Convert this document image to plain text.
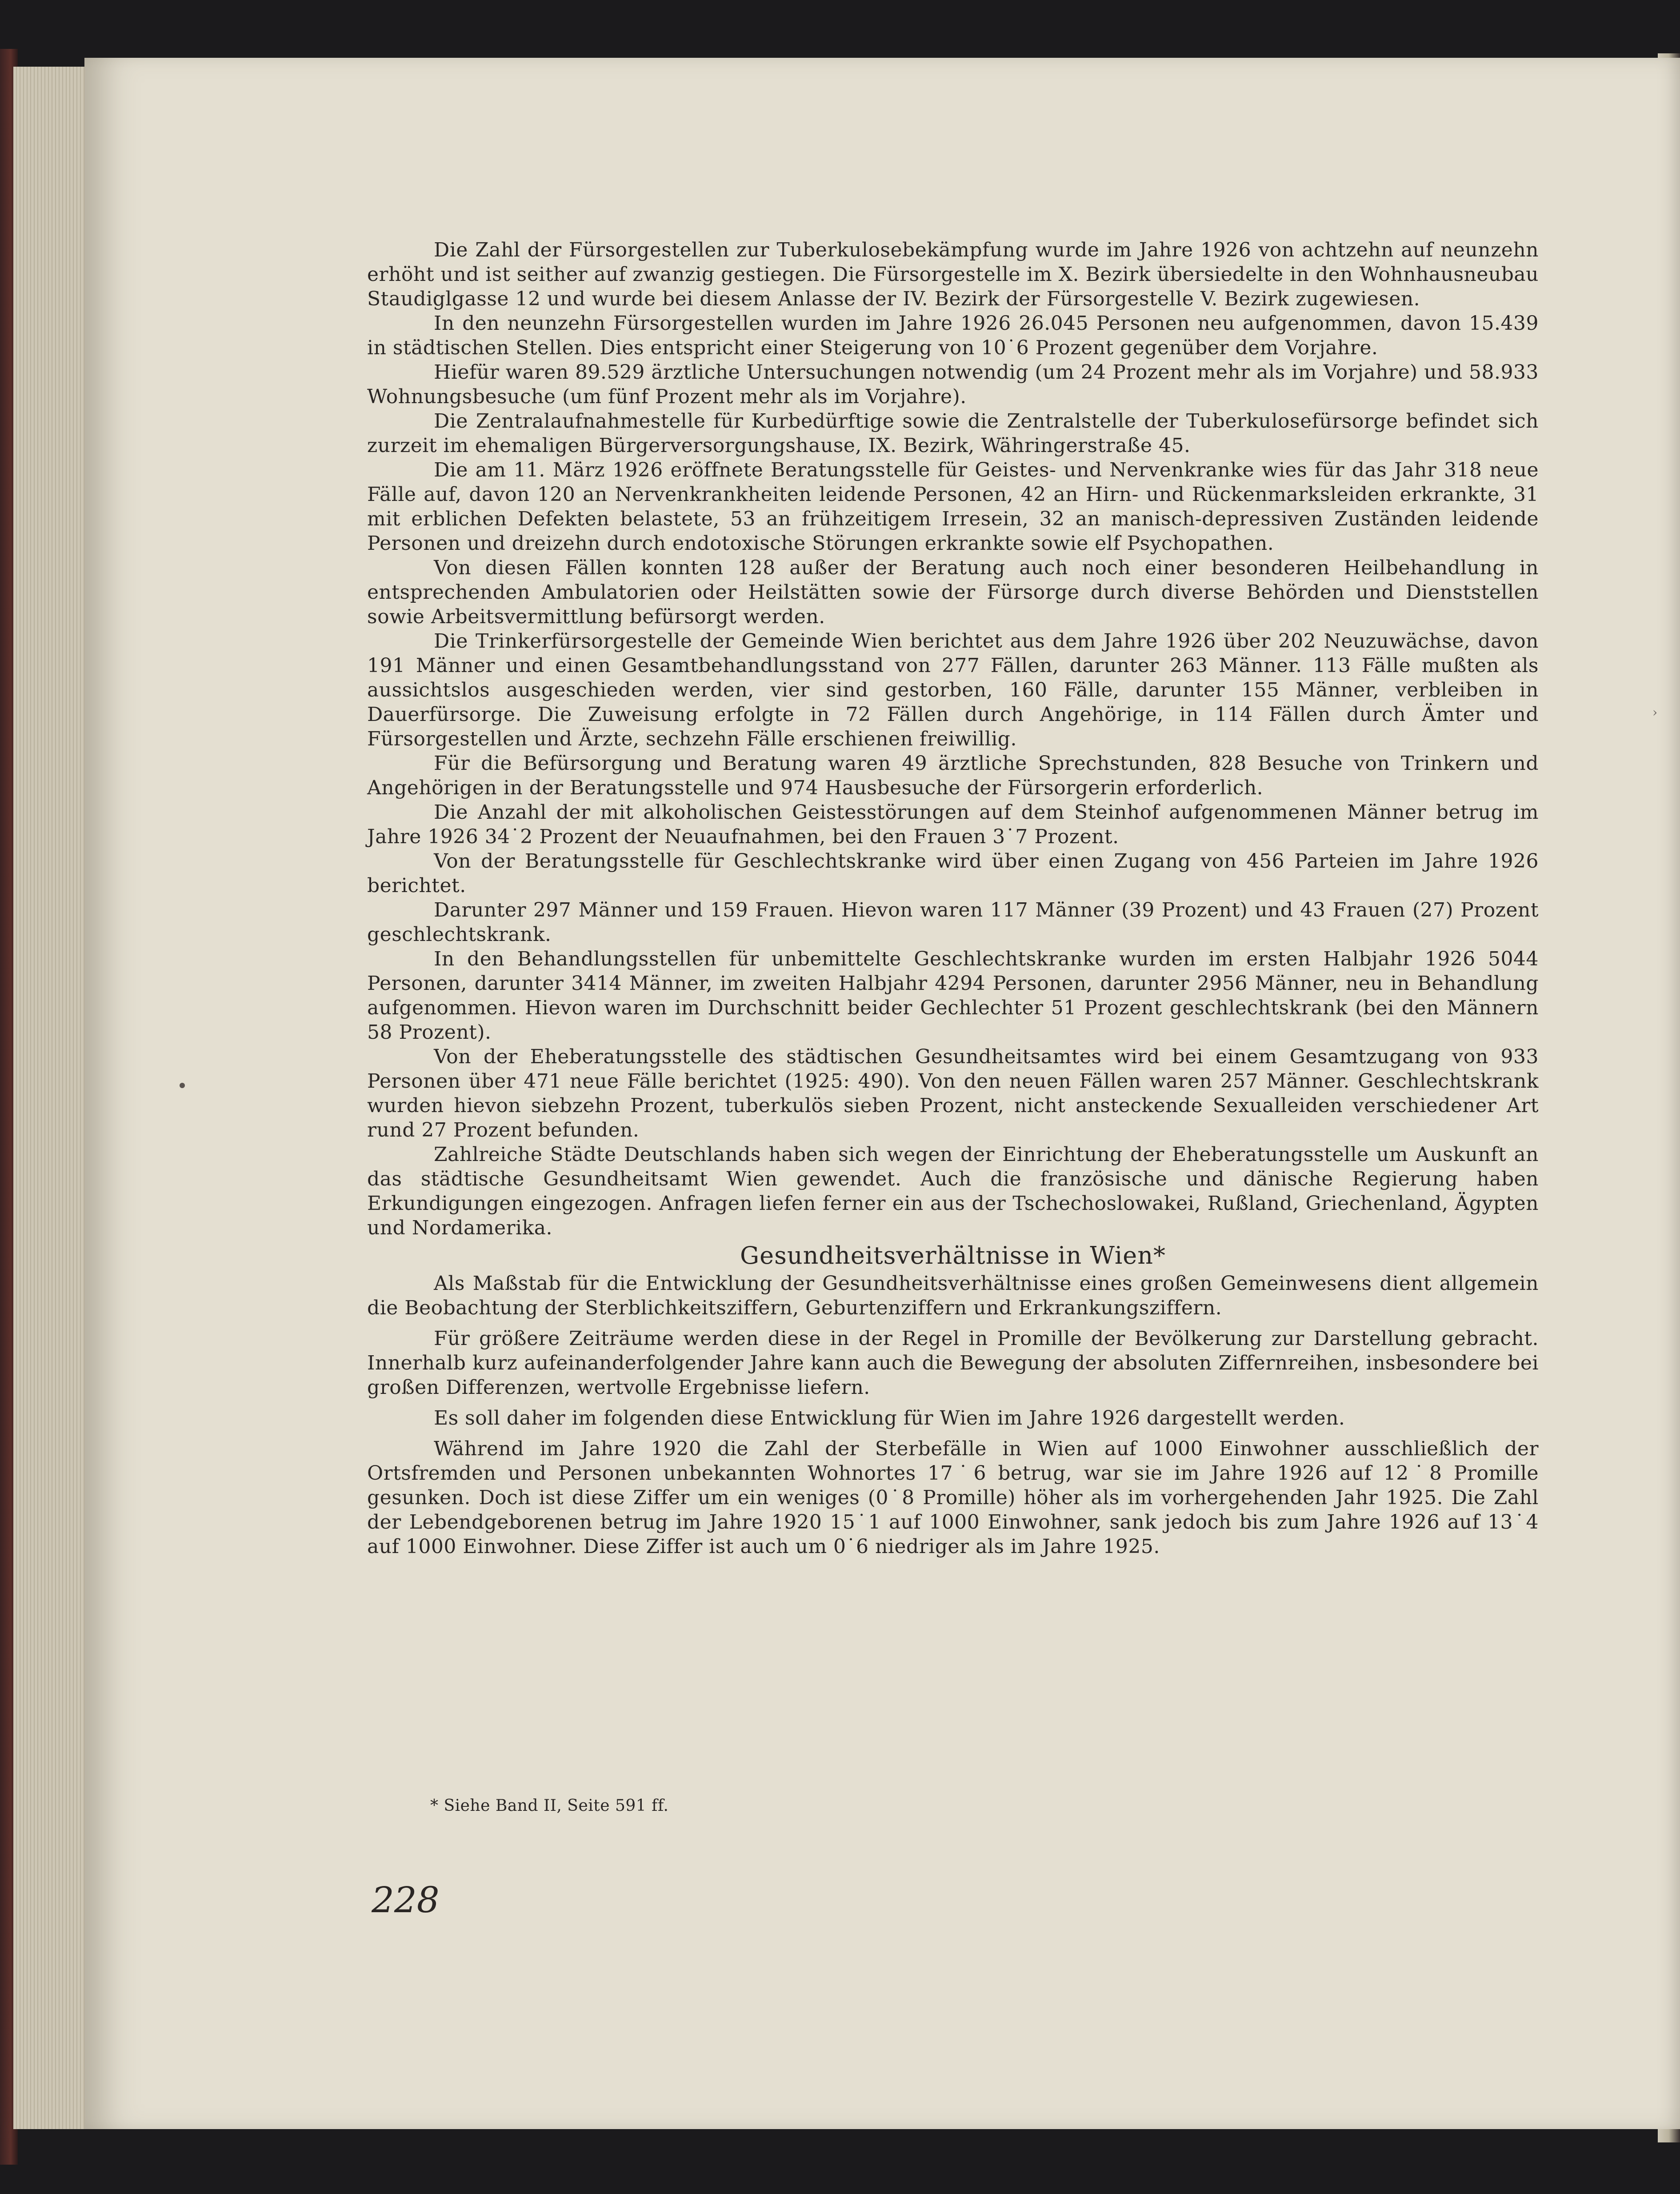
›

Die Zahl der Fürsorgestellen zur Tuberkulosebekämpfung wurde im Jahre 1926 von achtzehn auf neunzehn erhöht und ist seither auf zwanzig gestiegen. Die Fürsorgestelle im X. Bezirk übersiedelte in den Wohnhausneubau Staudiglgasse 12 und wurde bei diesem Anlasse der IV. Bezirk der Fürsorgestelle V. Bezirk zugewiesen.

In den neunzehn Fürsorgestellen wurden im Jahre 1926 26.045 Personen neu aufgenommen, davon 15.439 in städtischen Stellen. Dies entspricht einer Steigerung von 10˙6 Prozent gegenüber dem Vorjahre.

Hiefür waren 89.529 ärztliche Untersuchungen notwendig (um 24 Prozent mehr als im Vorjahre) und 58.933 Wohnungsbesuche (um fünf Prozent mehr als im Vorjahre).

Die Zentralaufnahmestelle für Kurbedürftige sowie die Zentralstelle der Tuberkulosefürsorge befindet sich zurzeit im ehemaligen Bürgerversorgungshause, IX. Bezirk, Währingerstraße 45.

Die am 11. März 1926 eröffnete Beratungsstelle für Geistes- und Nervenkranke wies für das Jahr 318 neue Fälle auf, davon 120 an Nervenkrankheiten leidende Personen, 42 an Hirn- und Rückenmarksleiden erkrankte, 31 mit erblichen Defekten belastete, 53 an frühzeitigem Irresein, 32 an manisch-depressiven Zuständen leidende Personen und dreizehn durch endotoxische Störungen erkrankte sowie elf Psychopathen.

Von diesen Fällen konnten 128 außer der Beratung auch noch einer besonderen Heilbehandlung in entsprechenden Ambulatorien oder Heilstätten sowie der Fürsorge durch diverse Behörden und Dienststellen sowie Arbeitsvermittlung befürsorgt werden.

Die Trinkerfürsorgestelle der Gemeinde Wien berichtet aus dem Jahre 1926 über 202 Neuzuwächse, davon 191 Männer und einen Gesamtbehandlungsstand von 277 Fällen, darunter 263 Männer. 113 Fälle mußten als aussichtslos ausgeschieden werden, vier sind gestorben, 160 Fälle, darunter 155 Männer, verbleiben in Dauerfürsorge. Die Zuweisung erfolgte in 72 Fällen durch Angehörige, in 114 Fällen durch Ämter und Fürsorgestellen und Ärzte, sechzehn Fälle erschienen freiwillig.

Für die Befürsorgung und Beratung waren 49 ärztliche Sprechstunden, 828 Besuche von Trinkern und Angehörigen in der Beratungsstelle und 974 Hausbesuche der Fürsorgerin erforderlich.

Die Anzahl der mit alkoholischen Geistesstörungen auf dem Steinhof aufgenommenen Männer betrug im Jahre 1926 34˙2 Prozent der Neuaufnahmen, bei den Frauen 3˙7 Prozent.

Von der Beratungsstelle für Geschlechtskranke wird über einen Zugang von 456 Parteien im Jahre 1926 berichtet.

Darunter 297 Männer und 159 Frauen. Hievon waren 117 Männer (39 Prozent) und 43 Frauen (27) Prozent geschlechtskrank.

In den Behandlungsstellen für unbemittelte Geschlechtskranke wurden im ersten Halbjahr 1926 5044 Personen, darunter 3414 Männer, im zweiten Halbjahr 4294 Personen, darunter 2956 Männer, neu in Behandlung aufgenommen. Hievon waren im Durchschnitt beider Gechlechter 51 Prozent geschlechtskrank (bei den Männern 58 Prozent).

Von der Eheberatungsstelle des städtischen Gesundheitsamtes wird bei einem Gesamtzugang von 933 Personen über 471 neue Fälle berichtet (1925: 490). Von den neuen Fällen waren 257 Männer. Geschlechtskrank wurden hievon siebzehn Prozent, tuberkulös sieben Prozent, nicht ansteckende Sexualleiden verschiedener Art rund 27 Prozent befunden.

Zahlreiche Städte Deutschlands haben sich wegen der Einrichtung der Eheberatungsstelle um Auskunft an das städtische Gesundheitsamt Wien gewendet. Auch die französische und dänische Regierung haben Erkundigungen eingezogen. Anfragen liefen ferner ein aus der Tschechoslowakei, Rußland, Griechenland, Ägypten und Nordamerika.

Gesundheitsverhältnisse in Wien*

Als Maßstab für die Entwicklung der Gesundheitsverhältnisse eines großen Gemeinwesens dient allgemein die Beobachtung der Sterblichkeitsziffern, Geburtenziffern und Erkrankungsziffern.

Für größere Zeiträume werden diese in der Regel in Promille der Bevölkerung zur Darstellung gebracht. Innerhalb kurz aufeinanderfolgender Jahre kann auch die Bewegung der absoluten Ziffernreihen, insbesondere bei großen Differenzen, wertvolle Ergebnisse liefern.

Es soll daher im folgenden diese Entwicklung für Wien im Jahre 1926 dargestellt werden.

Während im Jahre 1920 die Zahl der Sterbefälle in Wien auf 1000 Einwohner ausschließlich der Ortsfremden und Personen unbekannten Wohnortes 17˙6 betrug, war sie im Jahre 1926 auf 12˙8 Promille gesunken. Doch ist diese Ziffer um ein weniges (0˙8 Promille) höher als im vorhergehenden Jahr 1925. Die Zahl der Lebendgeborenen betrug im Jahre 1920 15˙1 auf 1000 Einwohner, sank jedoch bis zum Jahre 1926 auf 13˙4 auf 1000 Einwohner. Diese Ziffer ist auch um 0˙6 niedriger als im Jahre 1925.

* Siehe Band II, Seite 591 ff.
228
